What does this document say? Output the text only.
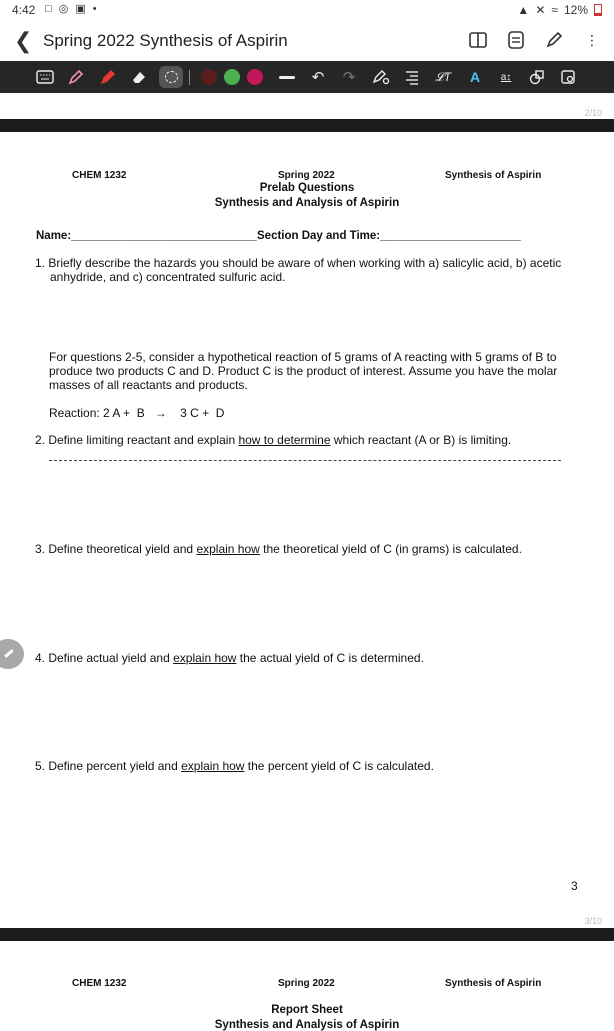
4:42 □ ◎ ▣ •	▲ ✕ ≈ 12%
❮ Spring 2022 Synthesis of Aspirin	⋮
↶	↷	𝓛T	A	a↕
2/10
CHEM 1232	Spring 2022	Synthesis of Aspirin
Prelab Questions
Synthesis and Analysis of Aspirin
Name:_____________________________ Section Day and Time:______________________
1. Briefly describe the hazards you should be aware of when working with a) salicylic acid, b) acetic anhydride, and c) concentrated sulfuric acid.
For questions 2-5, consider a hypothetical reaction of 5 grams of A reacting with 5 grams of B to produce two products C and D. Product C is the product of interest. Assume you have the molar masses of all reactants and products.
Reaction: 2 A +  B   →    3 C +  D
2. Define limiting reactant and explain how to determine which reactant (A or B) is limiting.
3. Define theoretical yield and explain how the theoretical yield of C (in grams) is calculated.
4. Define actual yield and explain how the actual yield of C is determined.
5. Define percent yield and explain how the percent yield of C is calculated.
3
3/10
CHEM 1232	Spring 2022	Synthesis of Aspirin
Report Sheet
Synthesis and Analysis of Aspirin
